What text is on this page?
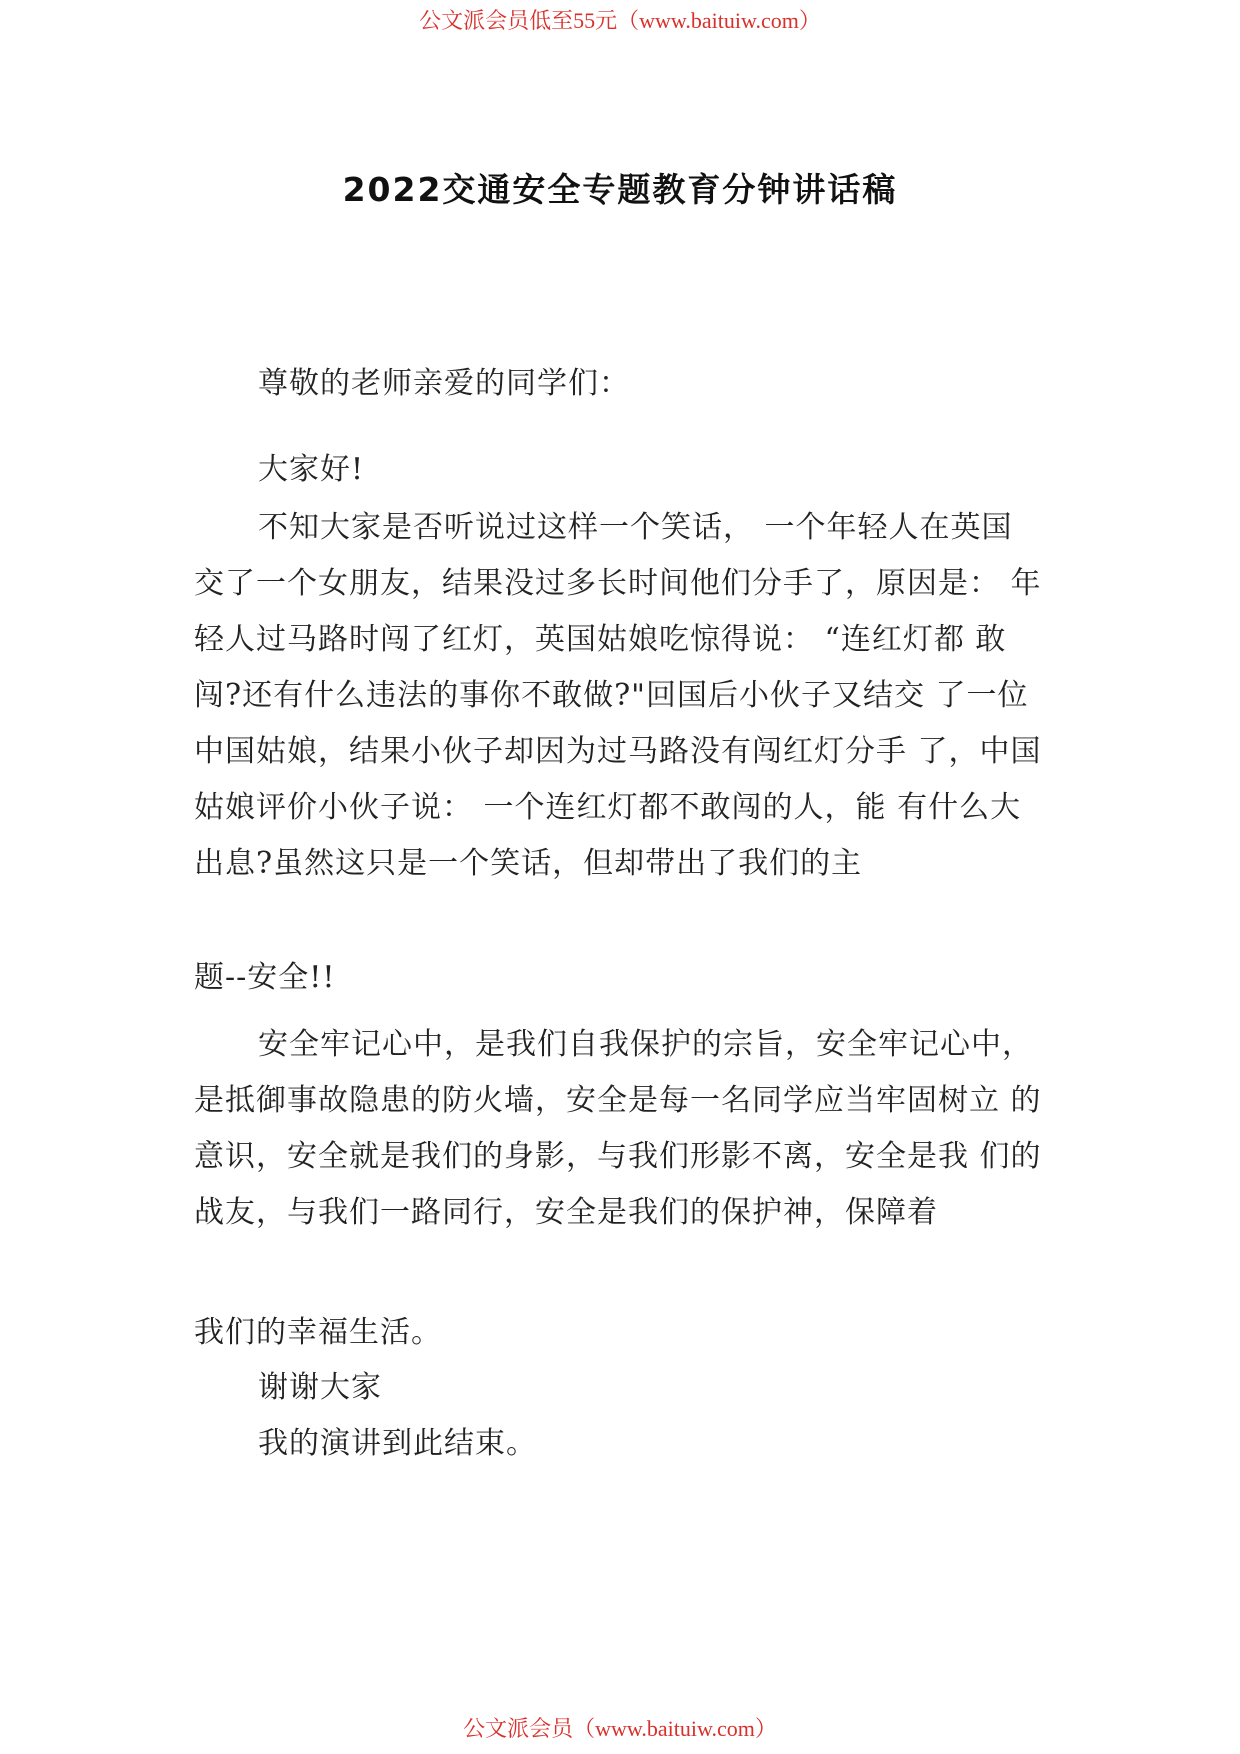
公文派会员低至55元（www.baituiw.com）
2022交通安全专题教育分钟讲话稿

尊敬的老师亲爱的同学们：

大家好!

不知大家是否听说过这样一个笑话， 一个年轻人在英国 交了一个女朋友，结果没过多长时间他们分手了，原因是： 年轻人过马路时闯了红灯，英国姑娘吃惊得说： “连红灯都 敢闯?还有什么违法的事你不敢做?"回国后小伙子又结交 了一位中国姑娘，结果小伙子却因为过马路没有闯红灯分手 了，中国姑娘评价小伙子说： 一个连红灯都不敢闯的人，能 有什么大出息?虽然这只是一个笑话，但却带出了我们的主

题--安全!!

安全牢记心中，是我们自我保护的宗旨，安全牢记心中， 是抵御事故隐患的防火墙，安全是每一名同学应当牢固树立 的意识，安全就是我们的身影，与我们形影不离，安全是我 们的战友，与我们一路同行，安全是我们的保护神，保障着

我们的幸福生活。

谢谢大家

我的演讲到此结束。

公文派会员（www.baituiw.com）
